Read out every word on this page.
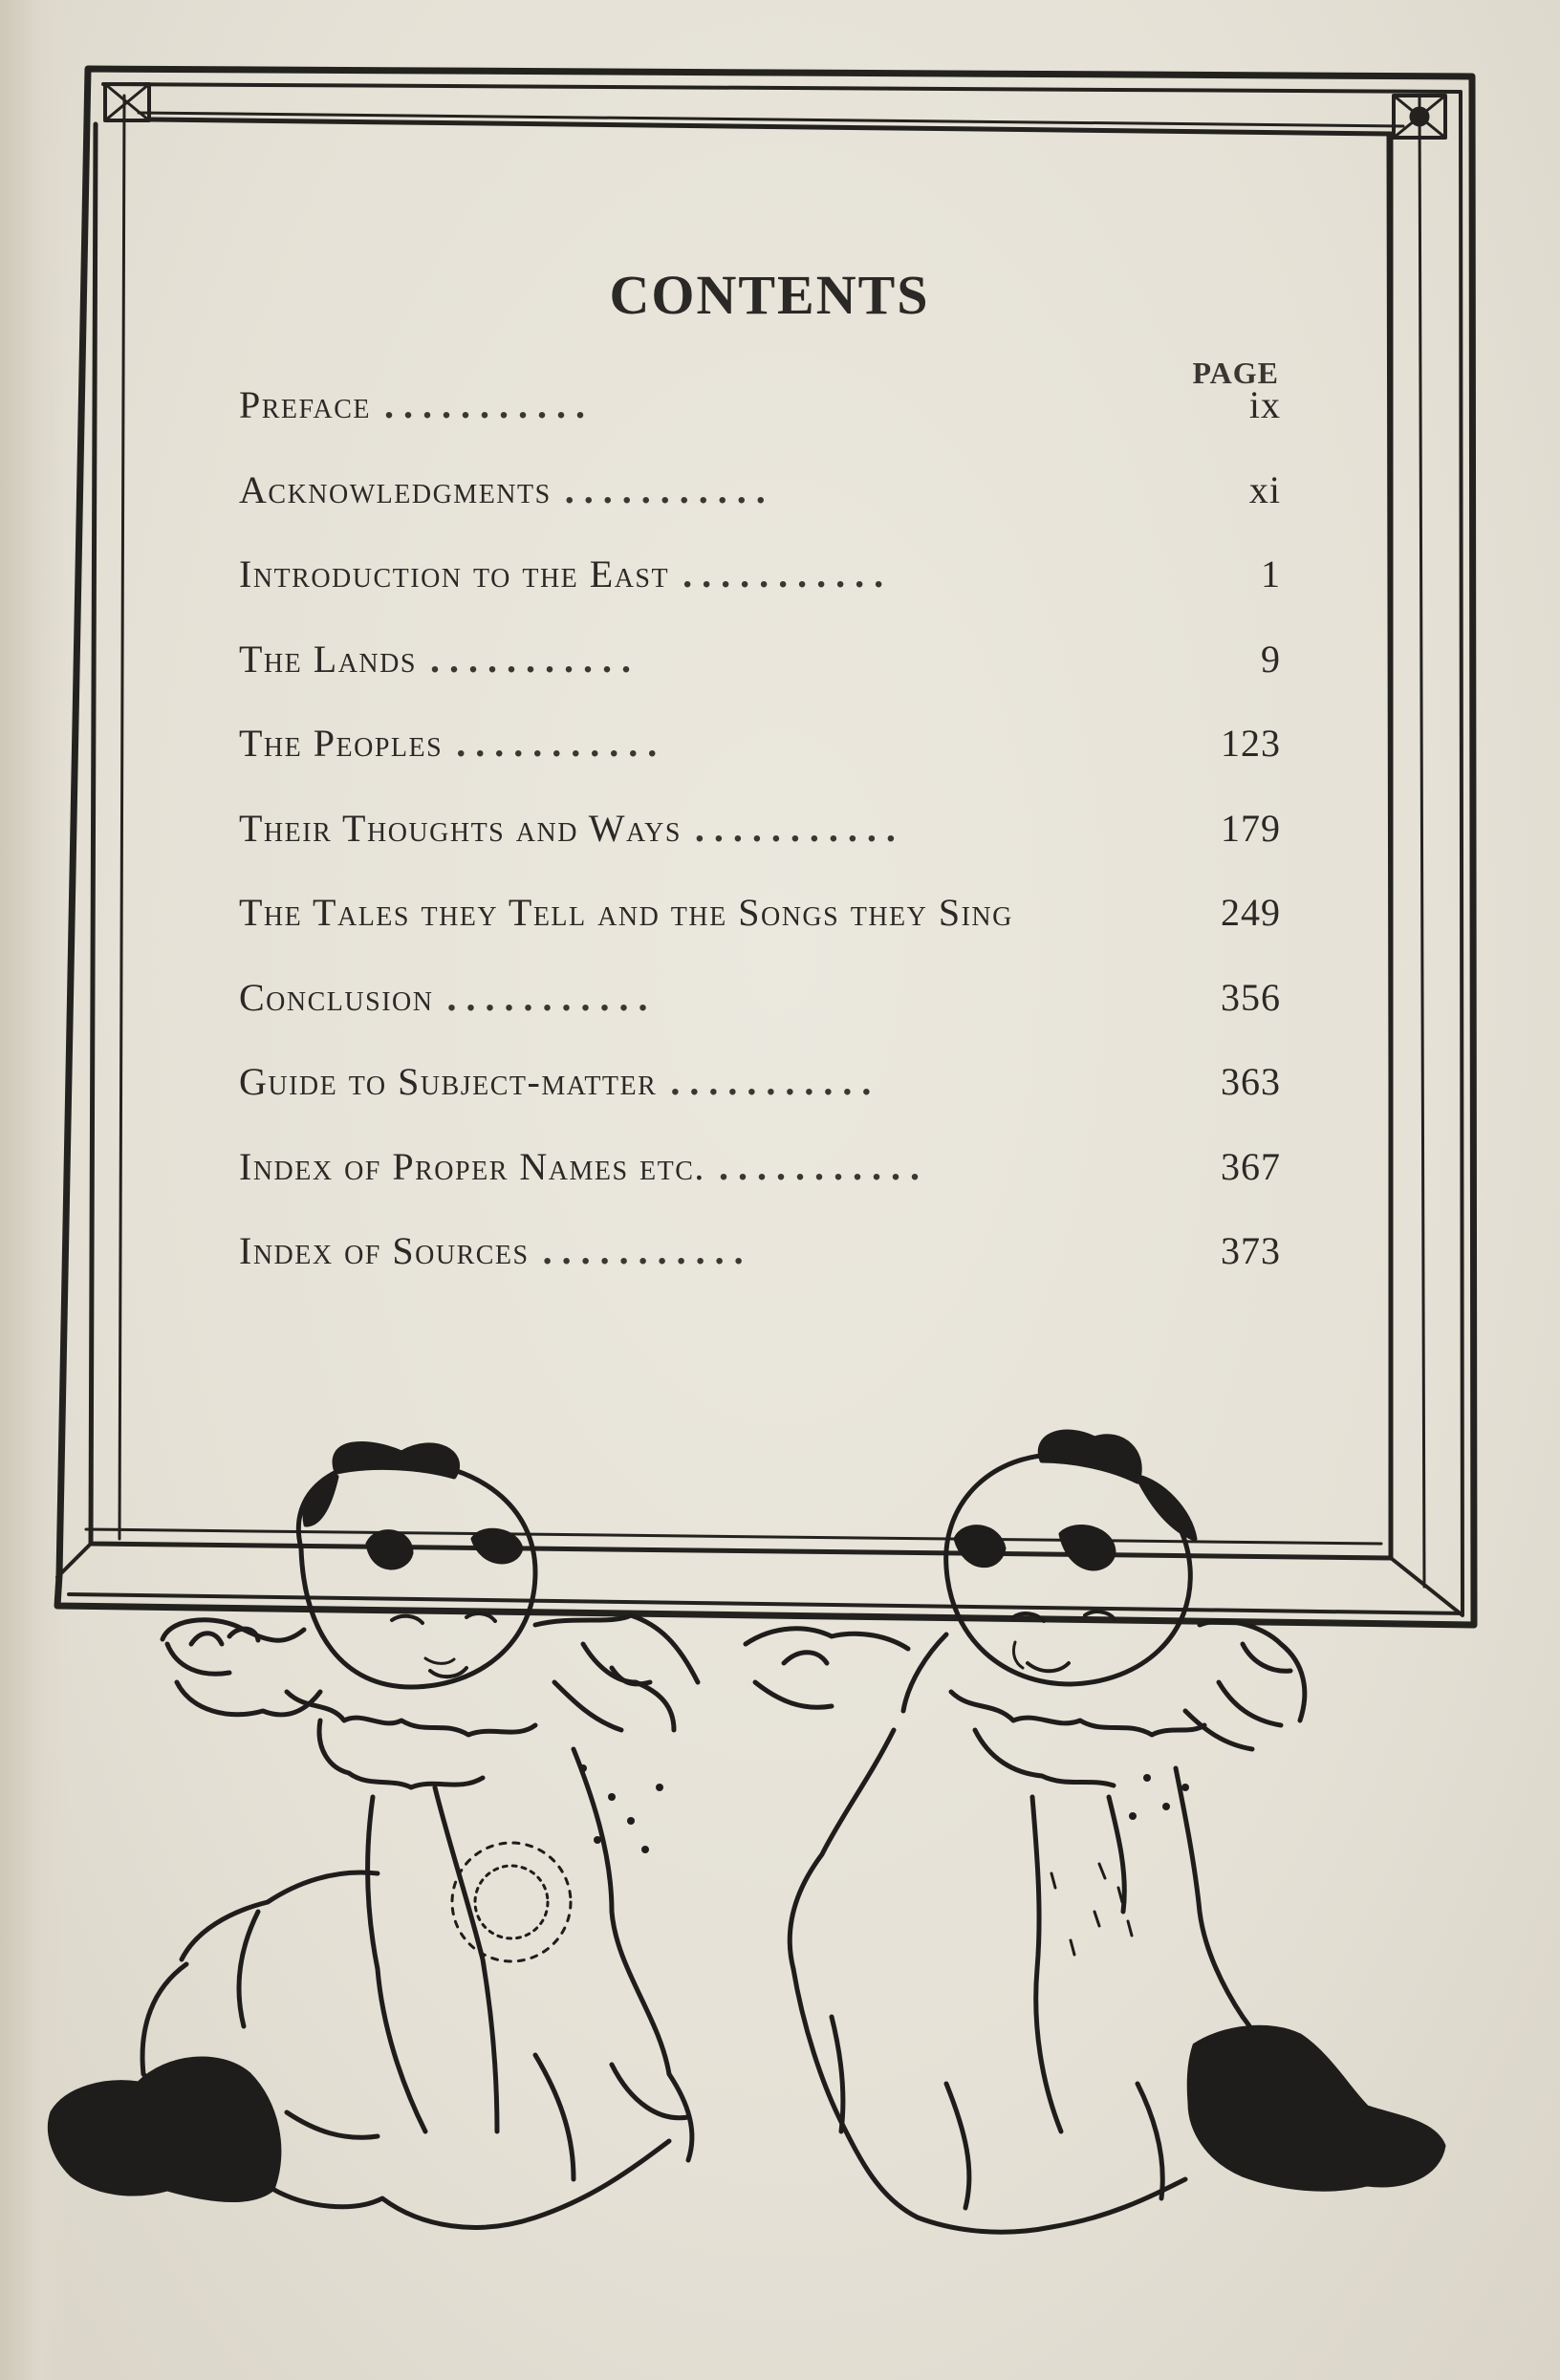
CONTENTS
PAGE
Preface .	ix
Acknowledgments .	xi
Introduction to the East .	1
The Lands .	9
The Peoples .	123
Their Thoughts and Ways .	179
The Tales they Tell and the Songs they Sing	249
Conclusion .	356
Guide to Subject-matter .	363
Index of Proper Names etc. .	367
Index of Sources .	373
